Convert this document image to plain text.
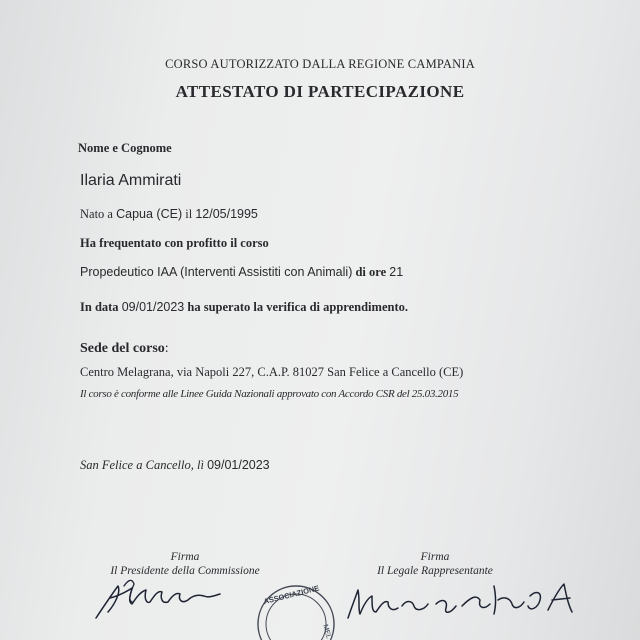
CORSO AUTORIZZATO DALLA REGIONE CAMPANIA
ATTESTATO DI PARTECIPAZIONE
Nome e Cognome
Ilaria Ammirati
Nato a Capua (CE) il 12/05/1995
Ha frequentato con profitto il corso
Propedeutico IAA (Interventi Assistiti con Animali) di ore 21
In data 09/01/2023 ha superato la verifica di apprendimento.
Sede del corso:
Centro Melagrana, via Napoli 227, C.A.P. 81027 San Felice a Cancello (CE)
Il corso è conforme alle Linee Guida Nazionali approvato con Accordo CSR del 25.03.2015
San Felice a Cancello, lì 09/01/2023
Firma
Il Presidente della Commissione
Firma
Il Legale Rappresentante
ASSOCIAZIONE
MEL
